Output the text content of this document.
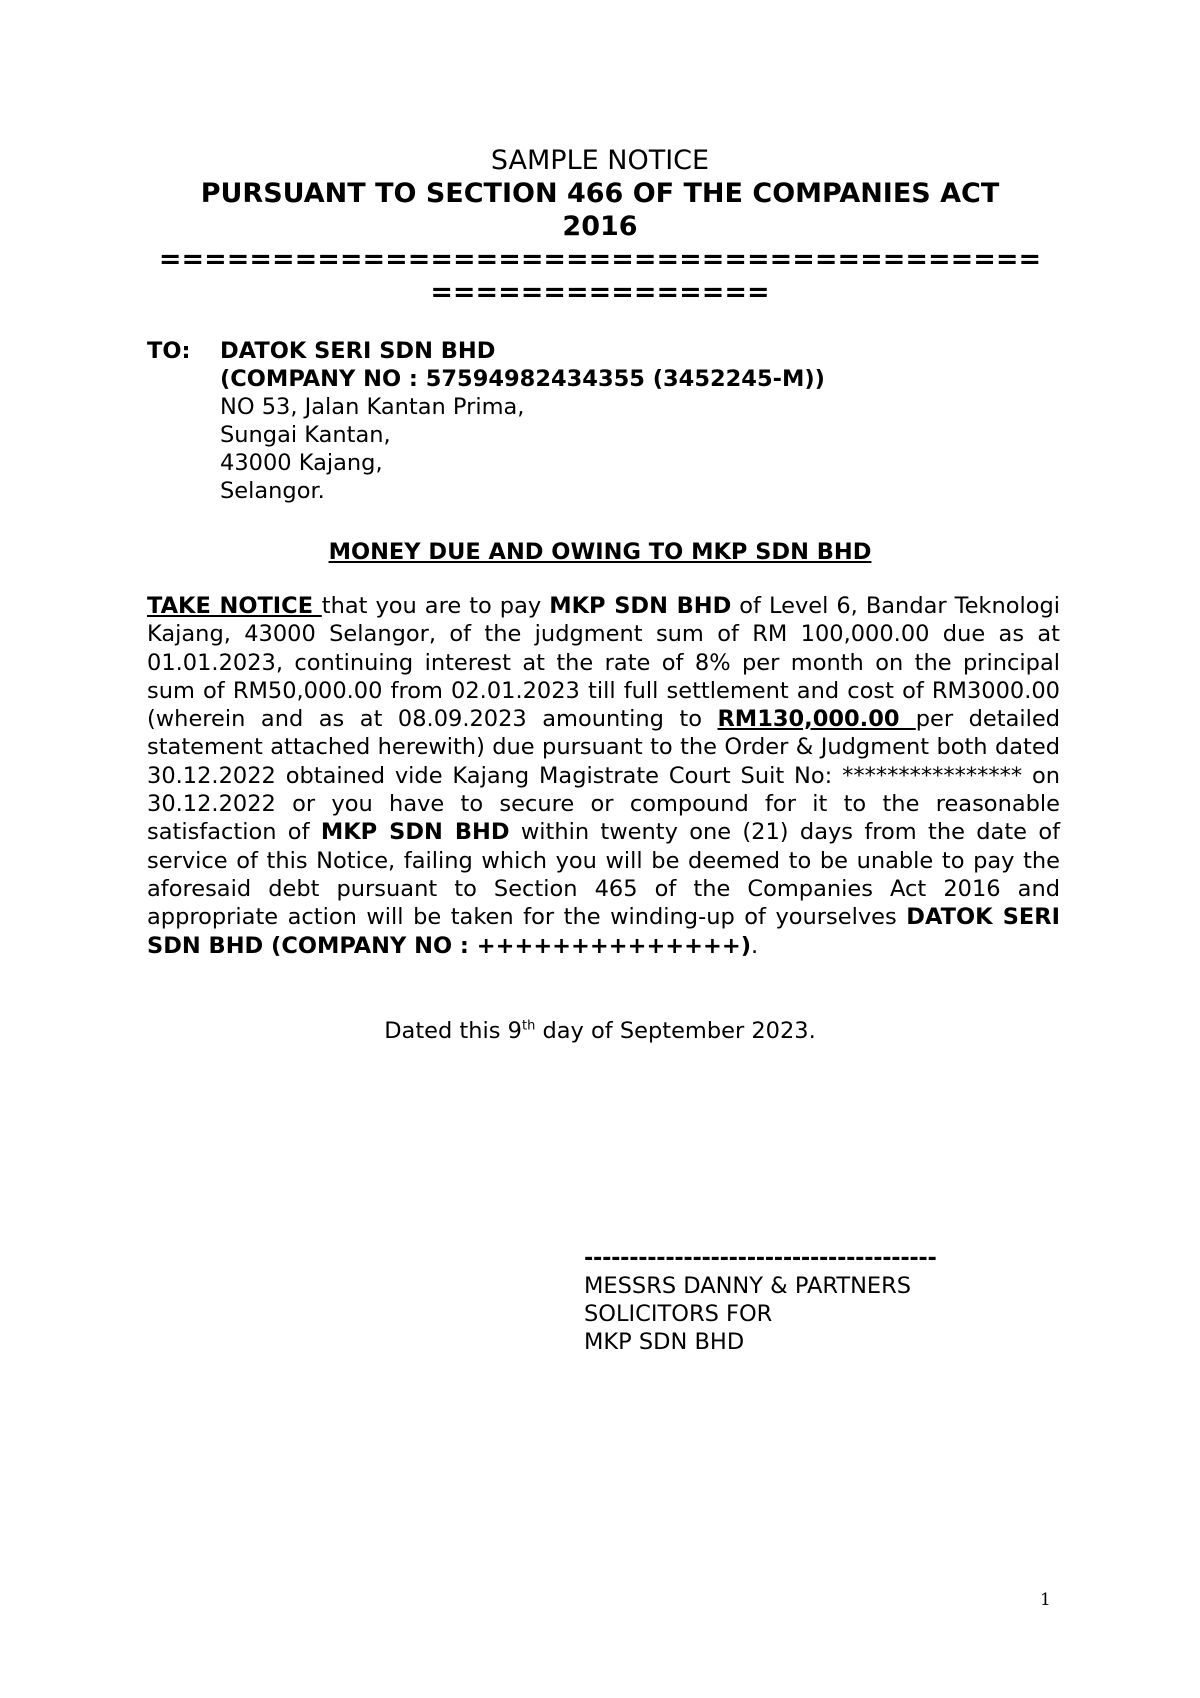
SAMPLE NOTICE
PURSUANT TO SECTION 466 OF THE COMPANIES ACT
2016
=======================================
===============
TO:	DATOK SERI SDN BHD
(COMPANY NO : 57594982434355 (3452245-M))
NO 53, Jalan Kantan Prima,
Sungai Kantan,
43000 Kajang,
Selangor.
MONEY DUE AND OWING TO MKP SDN BHD
TAKE NOTICE that you are to pay MKP SDN BHD of Level 6, Bandar Teknologi Kajang, 43000 Selangor, of the judgment sum of RM 100,000.00 due as at 01.01.2023, continuing interest at the rate of 8% per month on the principal sum of RM50,000.00 from 02.01.2023 till full settlement and cost of RM3000.00 (wherein and as at 08.09.2023 amounting to RM130,000.00 per detailed statement attached herewith) due pursuant to the Order & Judgment both dated 30.12.2022 obtained vide Kajang Magistrate Court Suit No: **************** on 30.12.2022 or you have to secure or compound for it to the reasonable satisfaction of MKP SDN BHD within twenty one (21) days from the date of service of this Notice, failing which you will be deemed to be unable to pay the aforesaid debt pursuant to Section 465 of the Companies Act 2016 and appropriate action will be taken for the winding-up of yourselves DATOK SERI SDN BHD (COMPANY NO : ++++++++++++++).
Dated this 9th day of September 2023.
---------------------------------------
MESSRS DANNY & PARTNERS
SOLICITORS FOR
MKP SDN BHD
1
